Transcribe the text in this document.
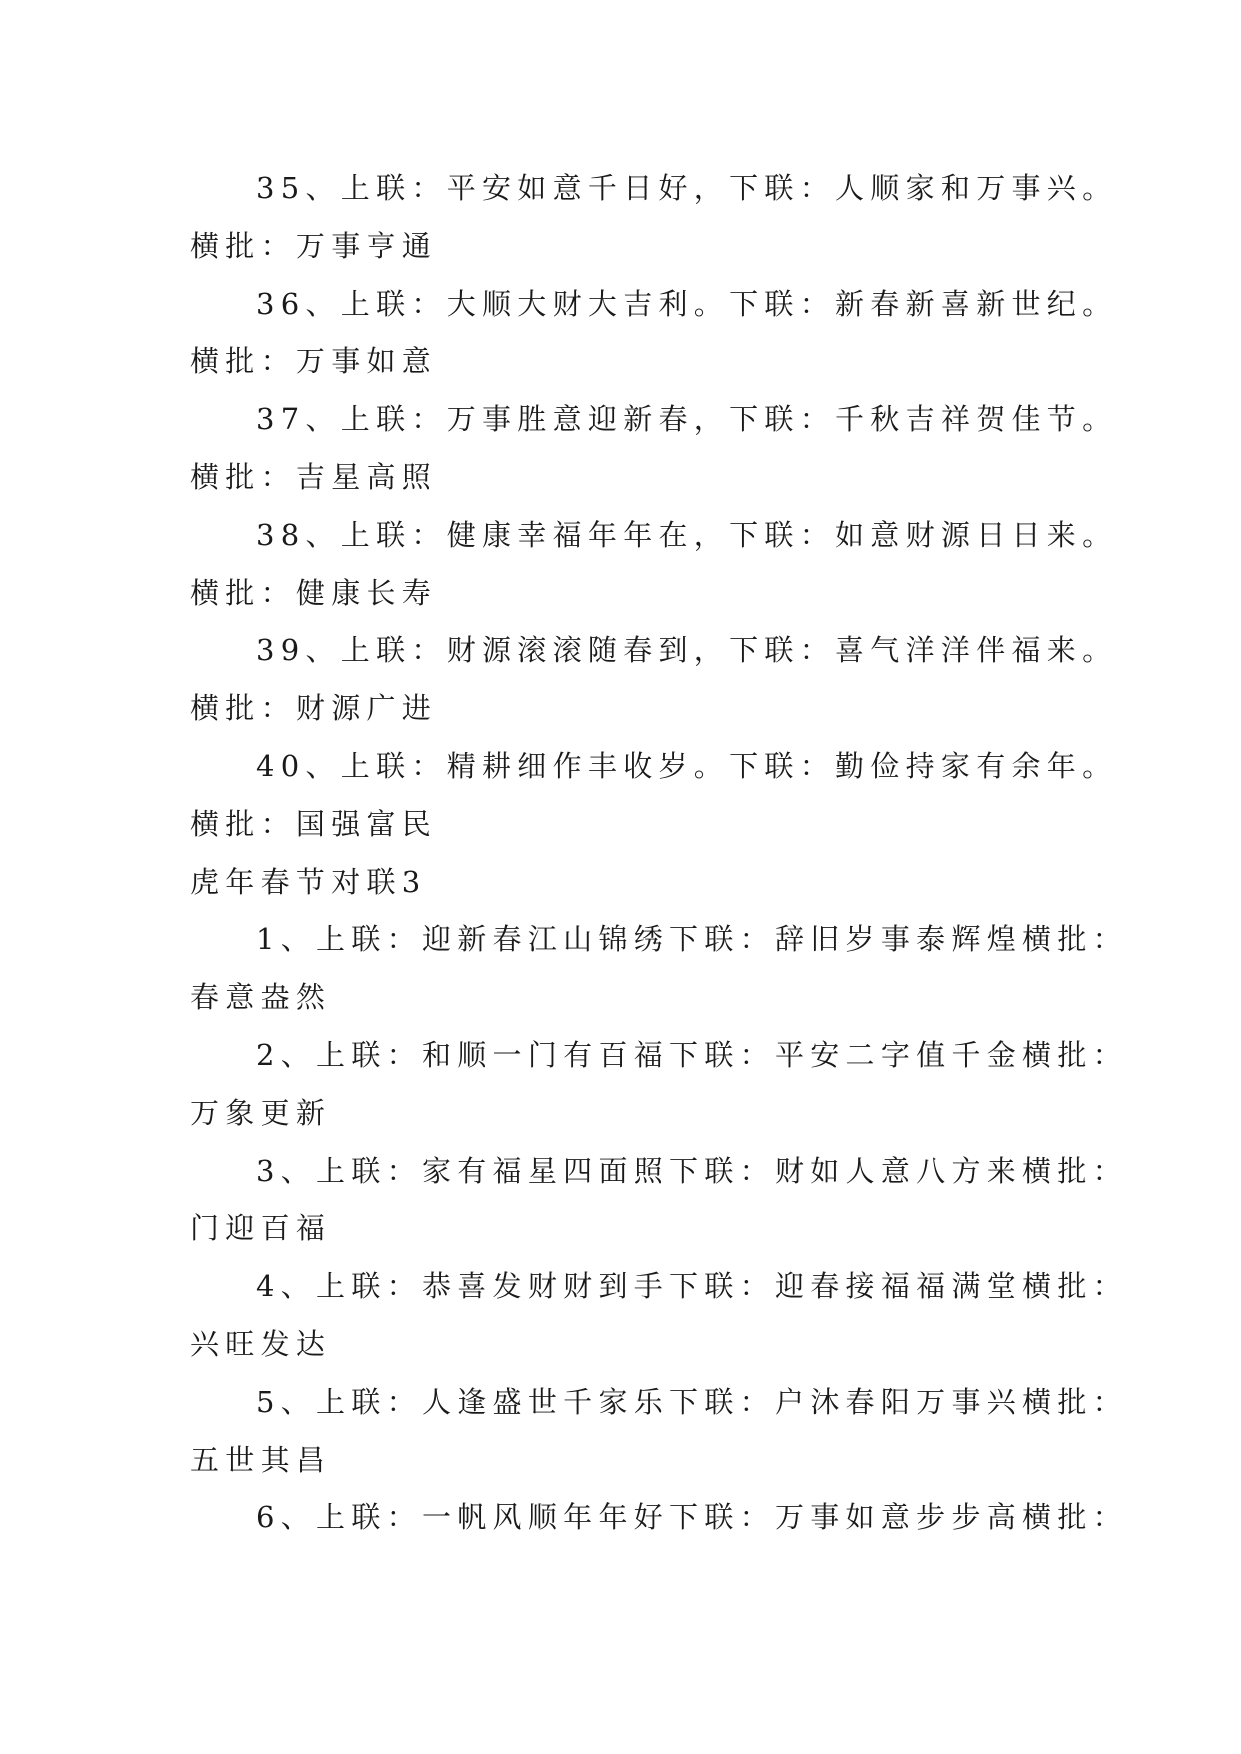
35、上联：平安如意千日好，下联：人顺家和万事兴。
横批：万事亨通
36、上联：大顺大财大吉利。下联：新春新喜新世纪。
横批：万事如意
37、上联：万事胜意迎新春，下联：千秋吉祥贺佳节。
横批：吉星高照
38、上联：健康幸福年年在，下联：如意财源日日来。
横批：健康长寿
39、上联：财源滚滚随春到，下联：喜气洋洋伴福来。
横批：财源广进
40、上联：精耕细作丰收岁。下联：勤俭持家有余年。
横批：国强富民
虎年春节对联3
1、上联：迎新春江山锦绣下联：辞旧岁事泰辉煌横批：
春意盎然
2、上联：和顺一门有百福下联：平安二字值千金横批：
万象更新
3、上联：家有福星四面照下联：财如人意八方来横批：
门迎百福
4、上联：恭喜发财财到手下联：迎春接福福满堂横批：
兴旺发达
5、上联：人逢盛世千家乐下联：户沐春阳万事兴横批：
五世其昌
6、上联：一帆风顺年年好下联：万事如意步步高横批：
